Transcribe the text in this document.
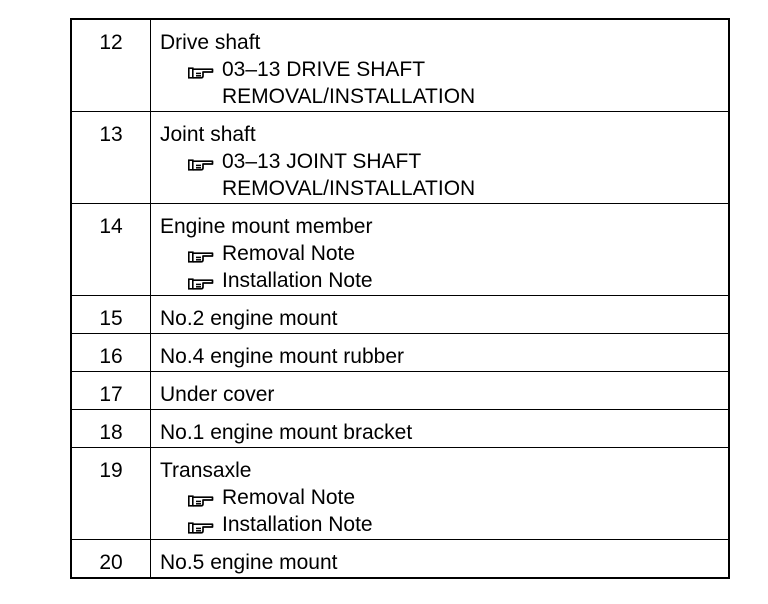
12	Drive shaft
03–13 DRIVE SHAFT
REMOVAL/INSTALLATION

13	Joint shaft
03–13 JOINT SHAFT
REMOVAL/INSTALLATION

14	Engine mount member
Removal Note
Installation Note

15	No.2 engine mount

16	No.4 engine mount rubber

17	Under cover

18	No.1 engine mount bracket

19	Transaxle
Removal Note
Installation Note

20	No.5 engine mount
